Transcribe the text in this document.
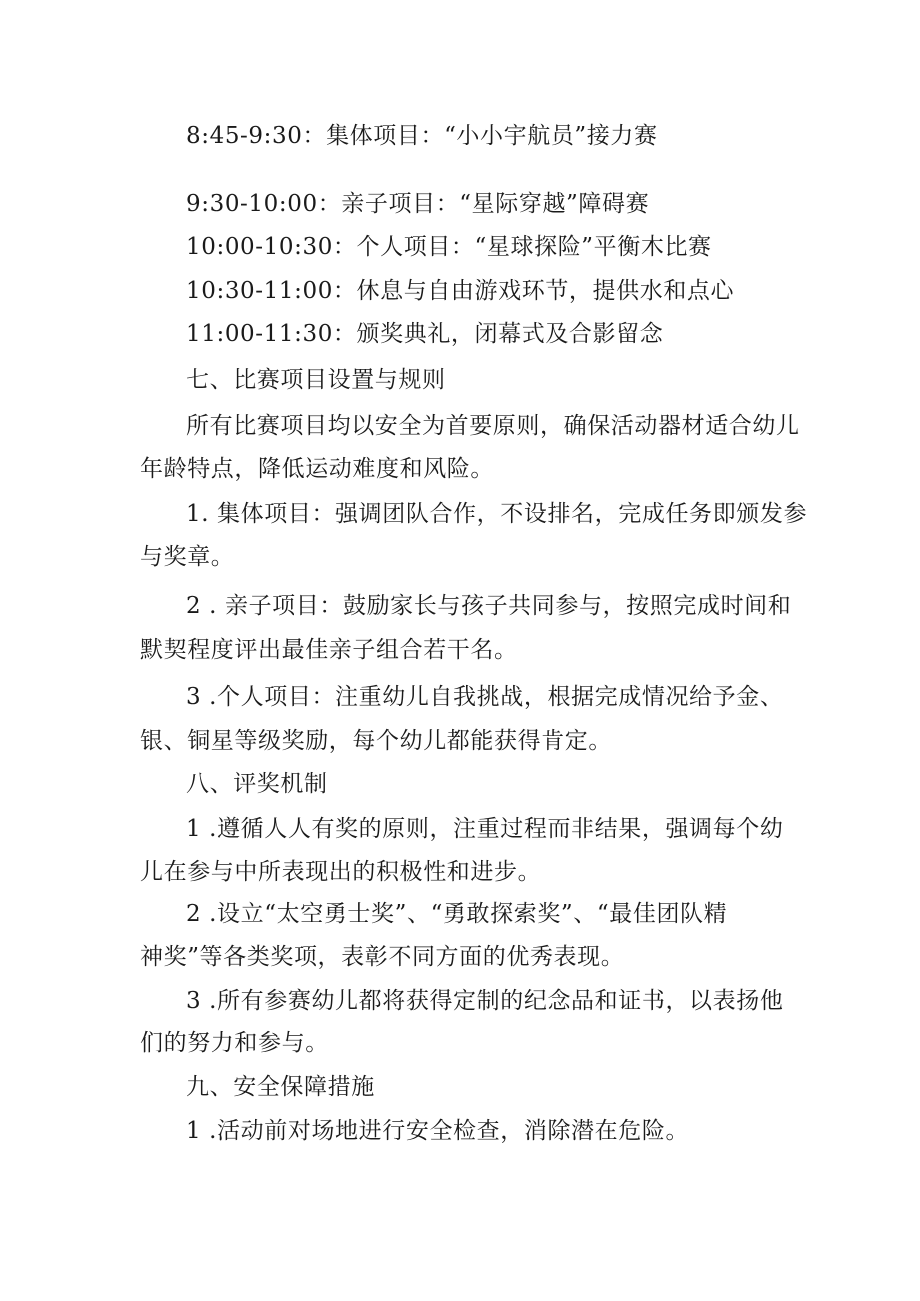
8:45-9:30：集体项目：“小小宇航员”接力赛
9:30-10:00：亲子项目：“星际穿越”障碍赛
10:00-10:30：个人项目：“星球探险”平衡木比赛
10:30-11:00：休息与自由游戏环节，提供水和点心
11:00-11:30：颁奖典礼，闭幕式及合影留念
七、比赛项目设置与规则
所有比赛项目均以安全为首要原则，确保活动器材适合幼儿
年龄特点，降低运动难度和风险。
1. 集体项目：强调团队合作，不设排名，完成任务即颁发参
与奖章。
2 . 亲子项目：鼓励家长与孩子共同参与，按照完成时间和
默契程度评出最佳亲子组合若干名。
3 .个人项目：注重幼儿自我挑战，根据完成情况给予金、
银、铜星等级奖励，每个幼儿都能获得肯定。
八、评奖机制
1 .遵循人人有奖的原则，注重过程而非结果，强调每个幼
儿在参与中所表现出的积极性和进步。
2 .设立“太空勇士奖”、“勇敢探索奖”、“最佳团队精
神奖”等各类奖项，表彰不同方面的优秀表现。
3 .所有参赛幼儿都将获得定制的纪念品和证书，以表扬他
们的努力和参与。
九、安全保障措施
1 .活动前对场地进行安全检查，消除潜在危险。
